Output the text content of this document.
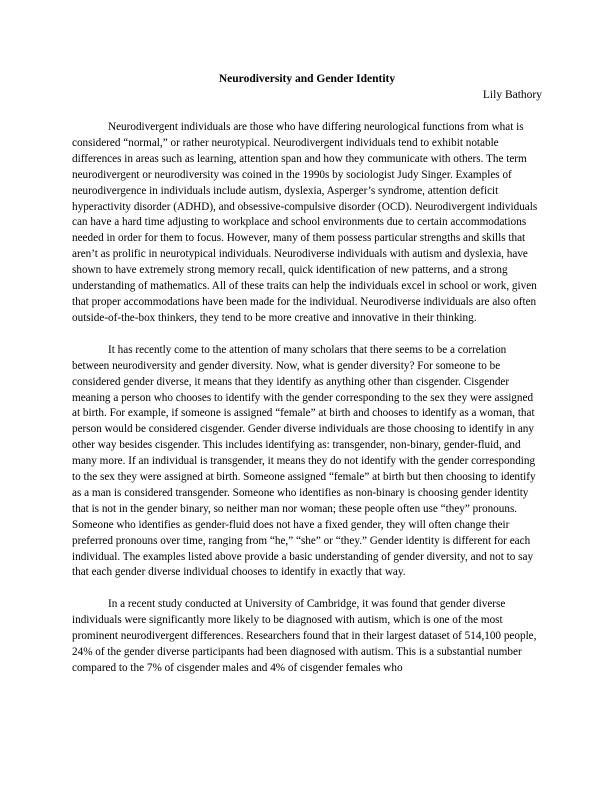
Neurodiversity and Gender Identity

Lily Bathory

Neurodivergent individuals are those who have differing neurological functions from what is considered “normal,” or rather neurotypical. Neurodivergent individuals tend to exhibit notable differences in areas such as learning, attention span and how they communicate with others. The term neurodivergent or neurodiversity was coined in the 1990s by sociologist Judy Singer. Examples of neurodivergence in individuals include autism, dyslexia, Asperger’s syndrome, attention deficit hyperactivity disorder (ADHD), and obsessive-compulsive disorder (OCD). Neurodivergent individuals can have a hard time adjusting to workplace and school environments due to certain accommodations needed in order for them to focus. However, many of them possess particular strengths and skills that aren’t as prolific in neurotypical individuals. Neurodiverse individuals with autism and dyslexia, have shown to have extremely strong memory recall, quick identification of new patterns, and a strong understanding of mathematics. All of these traits can help the individuals excel in school or work, given that proper accommodations have been made for the individual. Neurodiverse individuals are also often outside-of-the-box thinkers, they tend to be more creative and innovative in their thinking.

It has recently come to the attention of many scholars that there seems to be a correlation between neurodiversity and gender diversity. Now, what is gender diversity? For someone to be considered gender diverse, it means that they identify as anything other than cisgender. Cisgender meaning a person who chooses to identify with the gender corresponding to the sex they were assigned at birth. For example, if someone is assigned “female” at birth and chooses to identify as a woman, that person would be considered cisgender. Gender diverse individuals are those choosing to identify in any other way besides cisgender. This includes identifying as: transgender, non-binary, gender-fluid, and many more. If an individual is transgender, it means they do not identify with the gender corresponding to the sex they were assigned at birth. Someone assigned “female” at birth but then choosing to identify as a man is considered transgender. Someone who identifies as non-binary is choosing gender identity that is not in the gender binary, so neither man nor woman; these people often use “they” pronouns. Someone who identifies as gender-fluid does not have a fixed gender, they will often change their preferred pronouns over time, ranging from “he,” “she” or “they.” Gender identity is different for each individual. The examples listed above provide a basic understanding of gender diversity, and not to say that each gender diverse individual chooses to identify in exactly that way.

In a recent study conducted at University of Cambridge, it was found that gender diverse individuals were significantly more likely to be diagnosed with autism, which is one of the most prominent neurodivergent differences. Researchers found that in their largest dataset of 514,100 people, 24% of the gender diverse participants had been diagnosed with autism. This is a substantial number compared to the 7% of cisgender males and 4% of cisgender females who
